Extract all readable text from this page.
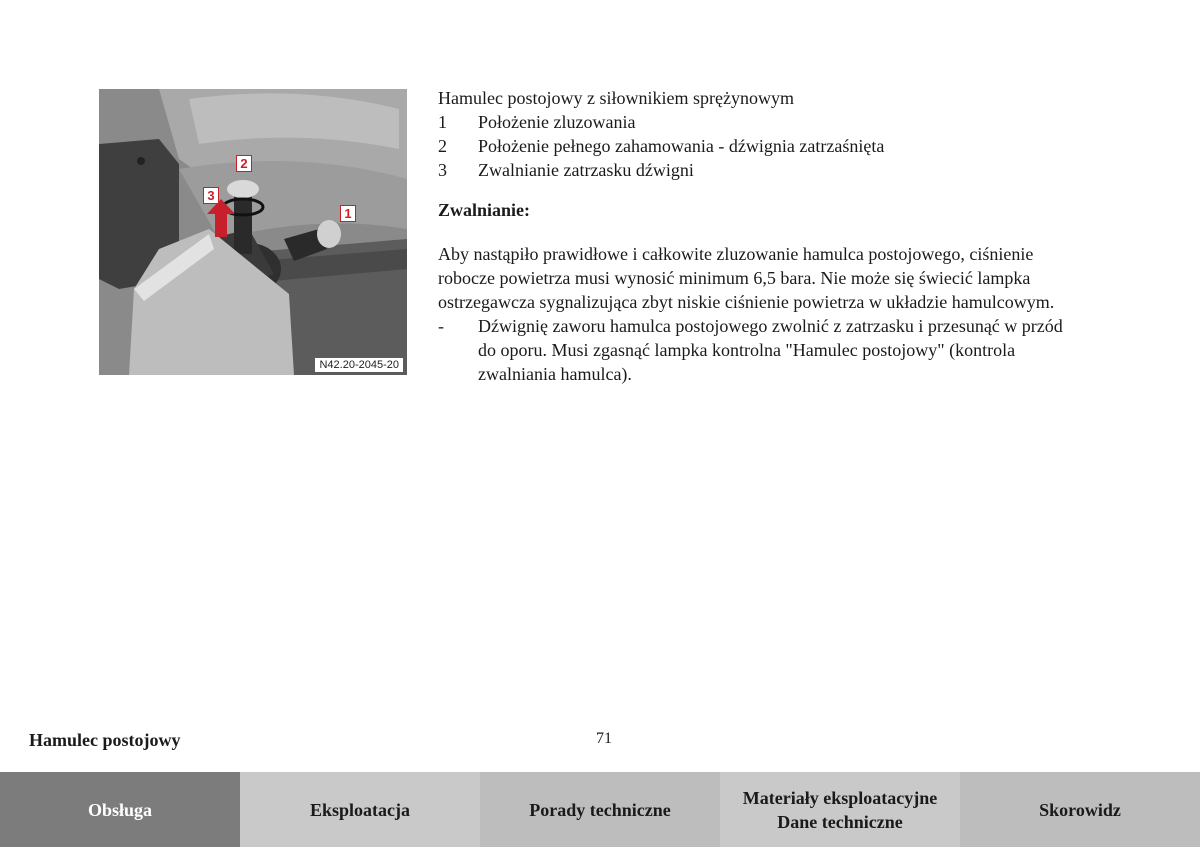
2
3
1
N42.20-2045-20

Hamulec postojowy z siłownikiem sprężynowym

1	Położenie zluzowania
2	Położenie pełnego zahamowania - dźwignia zatrzaśnięta
3	Zwalnianie zatrzasku dźwigni

Zwalnianie:

Aby nastąpiło prawidłowe i całkowite zluzowanie hamulca postojowego, ciśnienie robocze powietrza musi wynosić minimum 6,5 bara. Nie może się świecić lampka ostrzegawcza sygnalizująca zbyt niskie ciśnienie powietrza w układzie hamulcowym.

-	Dźwignię zaworu hamulca postojowego zwolnić z zatrzasku i przesunąć w przód do oporu. Musi zgasnąć lampka kontrolna "Hamulec postojowy" (kontrola zwalniania hamulca).
Hamulec postojowy	71
Obsługa	Eksploatacja	Porady techniczne
Materiały eksploatacyjne
Dane techniczne
Skorowidz
